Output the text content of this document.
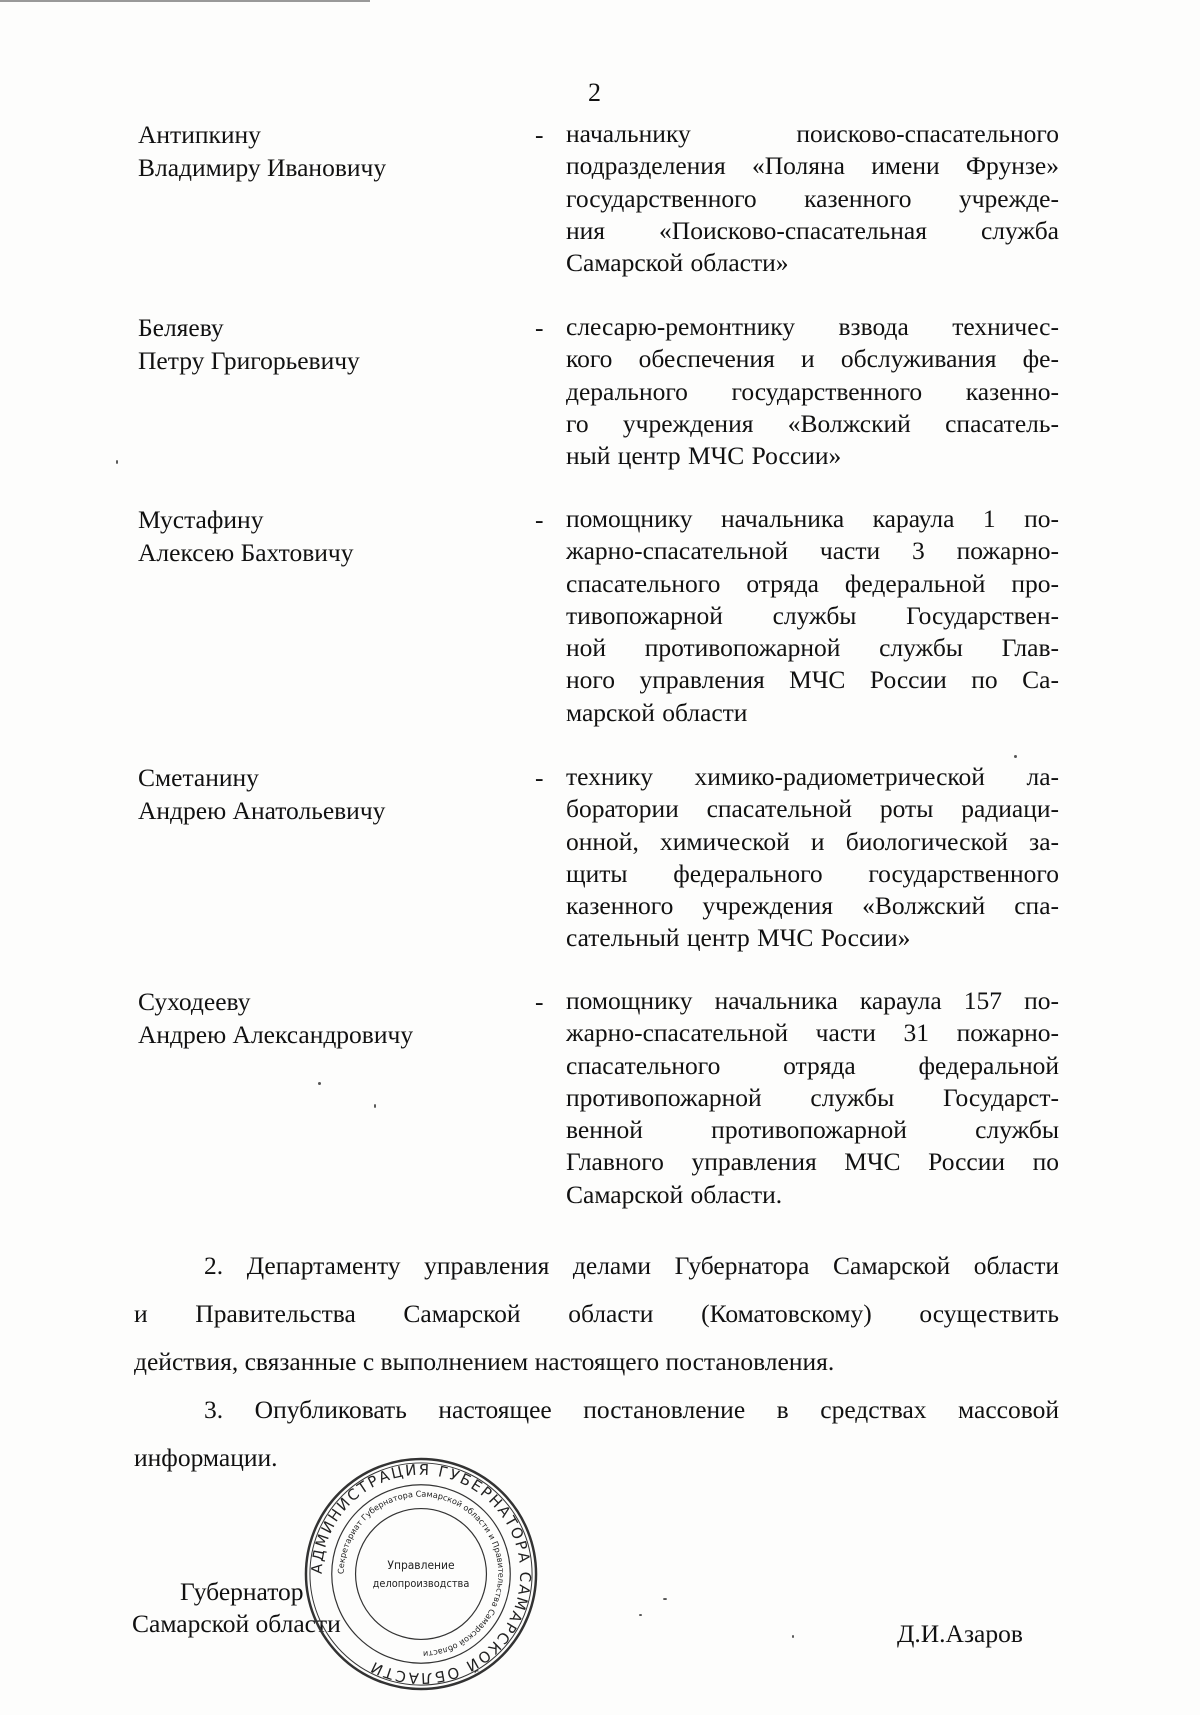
2
Антипкину
Владимиру Ивановичу
- начальнику поисково-спасательного
подразделения «Поляна имени Фрунзе»
государственного казенного учрежде-
ния «Поисково-спасательная служба
Самарской области»
Беляеву
Петру Григорьевичу
- слесарю-ремонтнику взвода техничес-
кого обеспечения и обслуживания фе-
дерального государственного казенно-
го учреждения «Волжский спасатель-
ный центр МЧС России»
Мустафину
Алексею Бахтовичу
- помощнику начальника караула 1 по-
жарно-спасательной части 3 пожарно-
спасательного отряда федеральной про-
тивопожарной службы Государствен-
ной противопожарной службы Глав-
ного управления МЧС России по Са-
марской области
Сметанину
Андрею Анатольевичу
- технику химико-радиометрической ла-
боратории спасательной роты радиаци-
онной, химической и биологической за-
щиты федерального государственного
казенного учреждения «Волжский спа-
сательный центр МЧС России»
Суходееву
Андрею Александровичу
- помощнику начальника караула 157 по-
жарно-спасательной части 31 пожарно-
спасательного отряда федеральной
противопожарной службы Государст-
венной противопожарной службы
Главного управления МЧС России по
Самарской области.
2. Департаменту управления делами Губернатора Самарской области
и Правительства Самарской области (Коматовскому) осуществить
действия, связанные с выполнением настоящего постановления.
3. Опубликовать настоящее постановление в средствах массовой
информации.
Губернатор
Самарской области	Д.И.Азаров
АДМИНИСТРАЦИЯ ГУБЕРНАТОРА САМАРСКОЙ ОБЛАСТИ
Секретариат Губернатора Самарской области и Правительства Самарской области
Управление
делопроизводства
